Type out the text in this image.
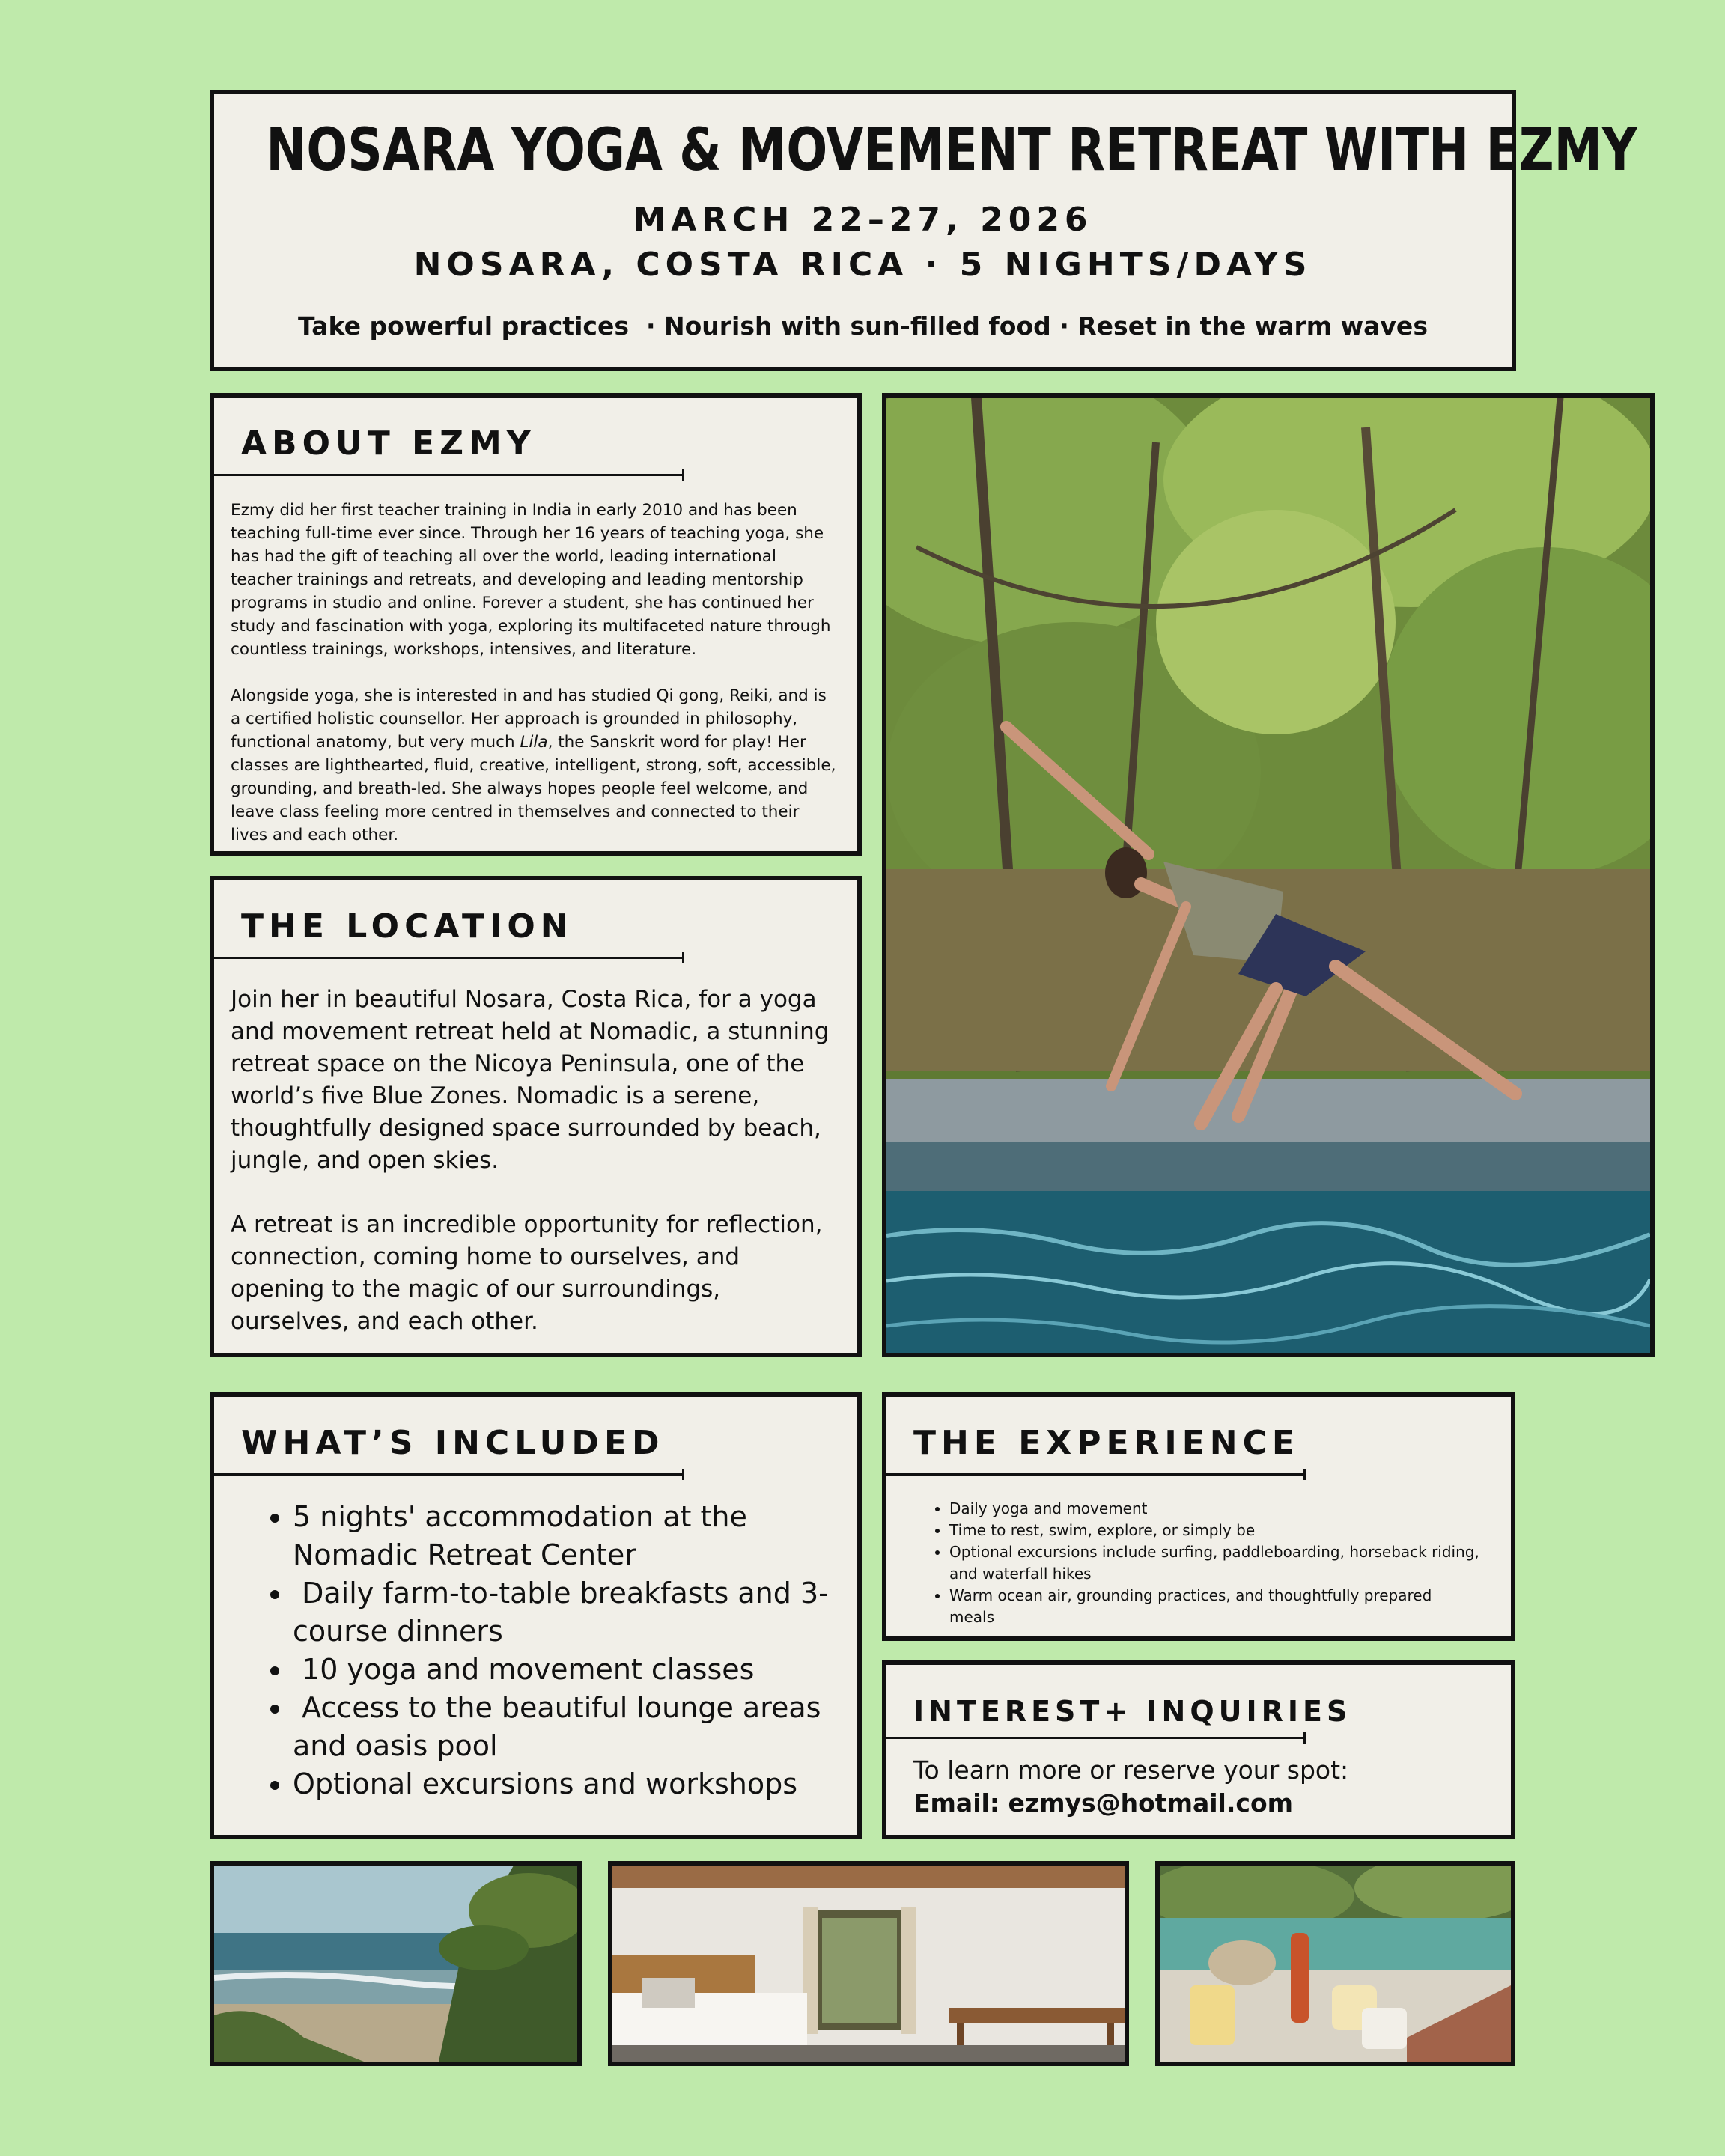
NOSARA YOGA & MOVEMENT RETREAT WITH EZMY
MARCH 22–27, 2026
NOSARA, COSTA RICA · 5 NIGHTS/DAYS
Take powerful practices  · Nourish with sun-filled food · Reset in the warm waves
ABOUT EZMY

Ezmy did her first teacher training in India in early 2010 and has been teaching full-time ever since. Through her 16 years of teaching yoga, she has had the gift of teaching all over the world, leading international teacher trainings and retreats, and developing and leading mentorship programs in studio and online. Forever a student, she has continued her study and fascination with yoga, exploring its multifaceted nature through countless trainings, workshops, intensives, and literature.

Alongside yoga, she is interested in and has studied Qi gong, Reiki, and is a certified holistic counsellor. Her approach is grounded in philosophy, functional anatomy, but very much Lila, the Sanskrit word for play! Her classes are lighthearted, fluid, creative, intelligent, strong, soft, accessible, grounding, and breath-led. She always hopes people feel welcome, and leave class feeling more centred in themselves and connected to their lives and each other.

THE LOCATION

Join her in beautiful Nosara, Costa Rica, for a yoga and movement retreat held at Nomadic, a stunning retreat space on the Nicoya Peninsula, one of the world’s five Blue Zones. Nomadic is a serene, thoughtfully designed space surrounded by beach, jungle, and open skies.

A retreat is an incredible opportunity for reflection, connection, coming home to ourselves, and opening to the magic of our surroundings, ourselves, and each other.

WHAT’S INCLUDED
• 5 nights' accommodation at the Nomadic Retreat Center
•  Daily farm-to-table breakfasts and 3-course dinners
•  10 yoga and movement classes
•  Access to the beautiful lounge areas and oasis pool
• Optional excursions and workshops
THE EXPERIENCE
• Daily yoga and movement
• Time to rest, swim, explore, or simply be
• Optional excursions include surfing, paddleboarding, horseback riding, and waterfall hikes
• Warm ocean air, grounding practices, and thoughtfully prepared meals
INTEREST+ INQUIRIES
To learn more or reserve your spot:
Email: ezmys@hotmail.com
